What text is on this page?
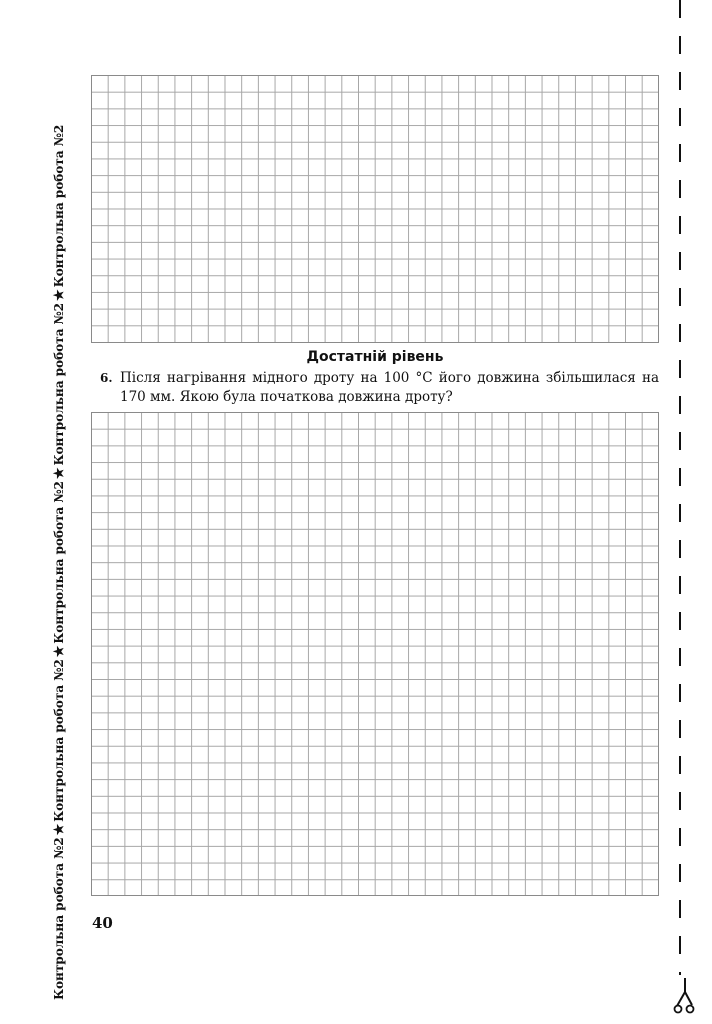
Контрольна робота №2★Контрольна робота №2★Контрольна робота №2★Контрольна робота №2★Контрольна робота №2
Достатній рівень
6. Після нагрівання мідного дроту на 100 °С його довжина збільшилася на 170 мм. Якою була початкова довжина дроту?
40
